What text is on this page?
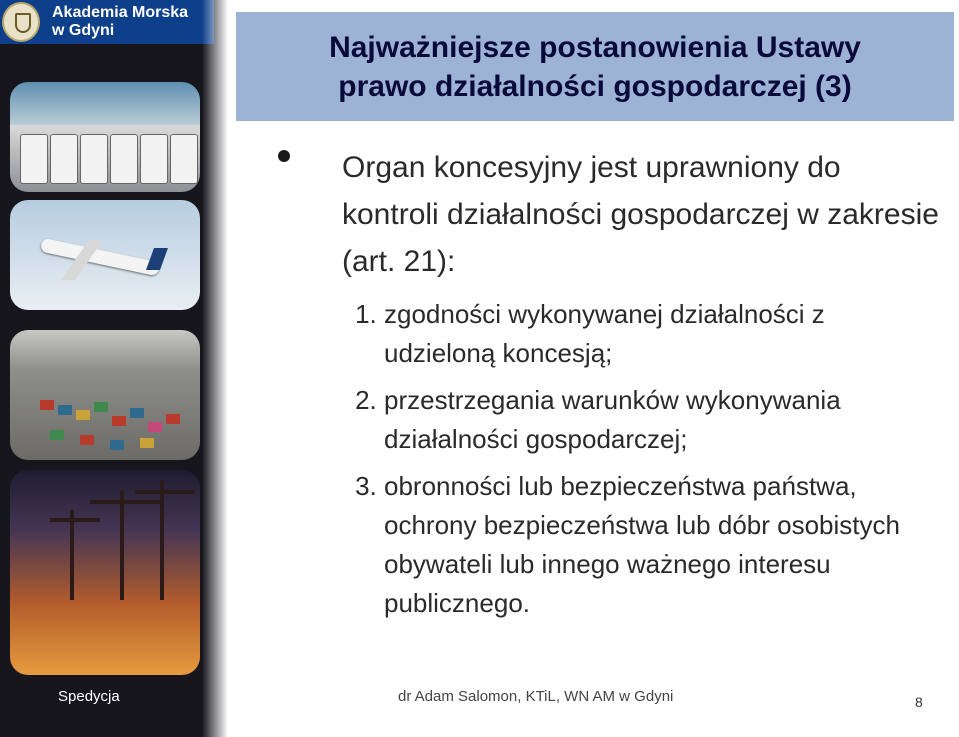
Akademia Morska
w Gdyni
Spedycja
Najważniejsze postanowienia Ustawy
prawo działalności gospodarczej (3)

Organ koncesyjny jest uprawniony do kontroli działalności gospodarczej w zakresie (art. 21):

1. zgodności wykonywanej działalności z udzieloną koncesją;
2. przestrzegania warunków wykonywania działalności gospodarczej;
3. obronności lub bezpieczeństwa państwa, ochrony bezpieczeństwa lub dóbr osobistych obywateli lub innego ważnego interesu publicznego.
dr Adam Salomon, KTiL, WN AM w Gdyni	8
